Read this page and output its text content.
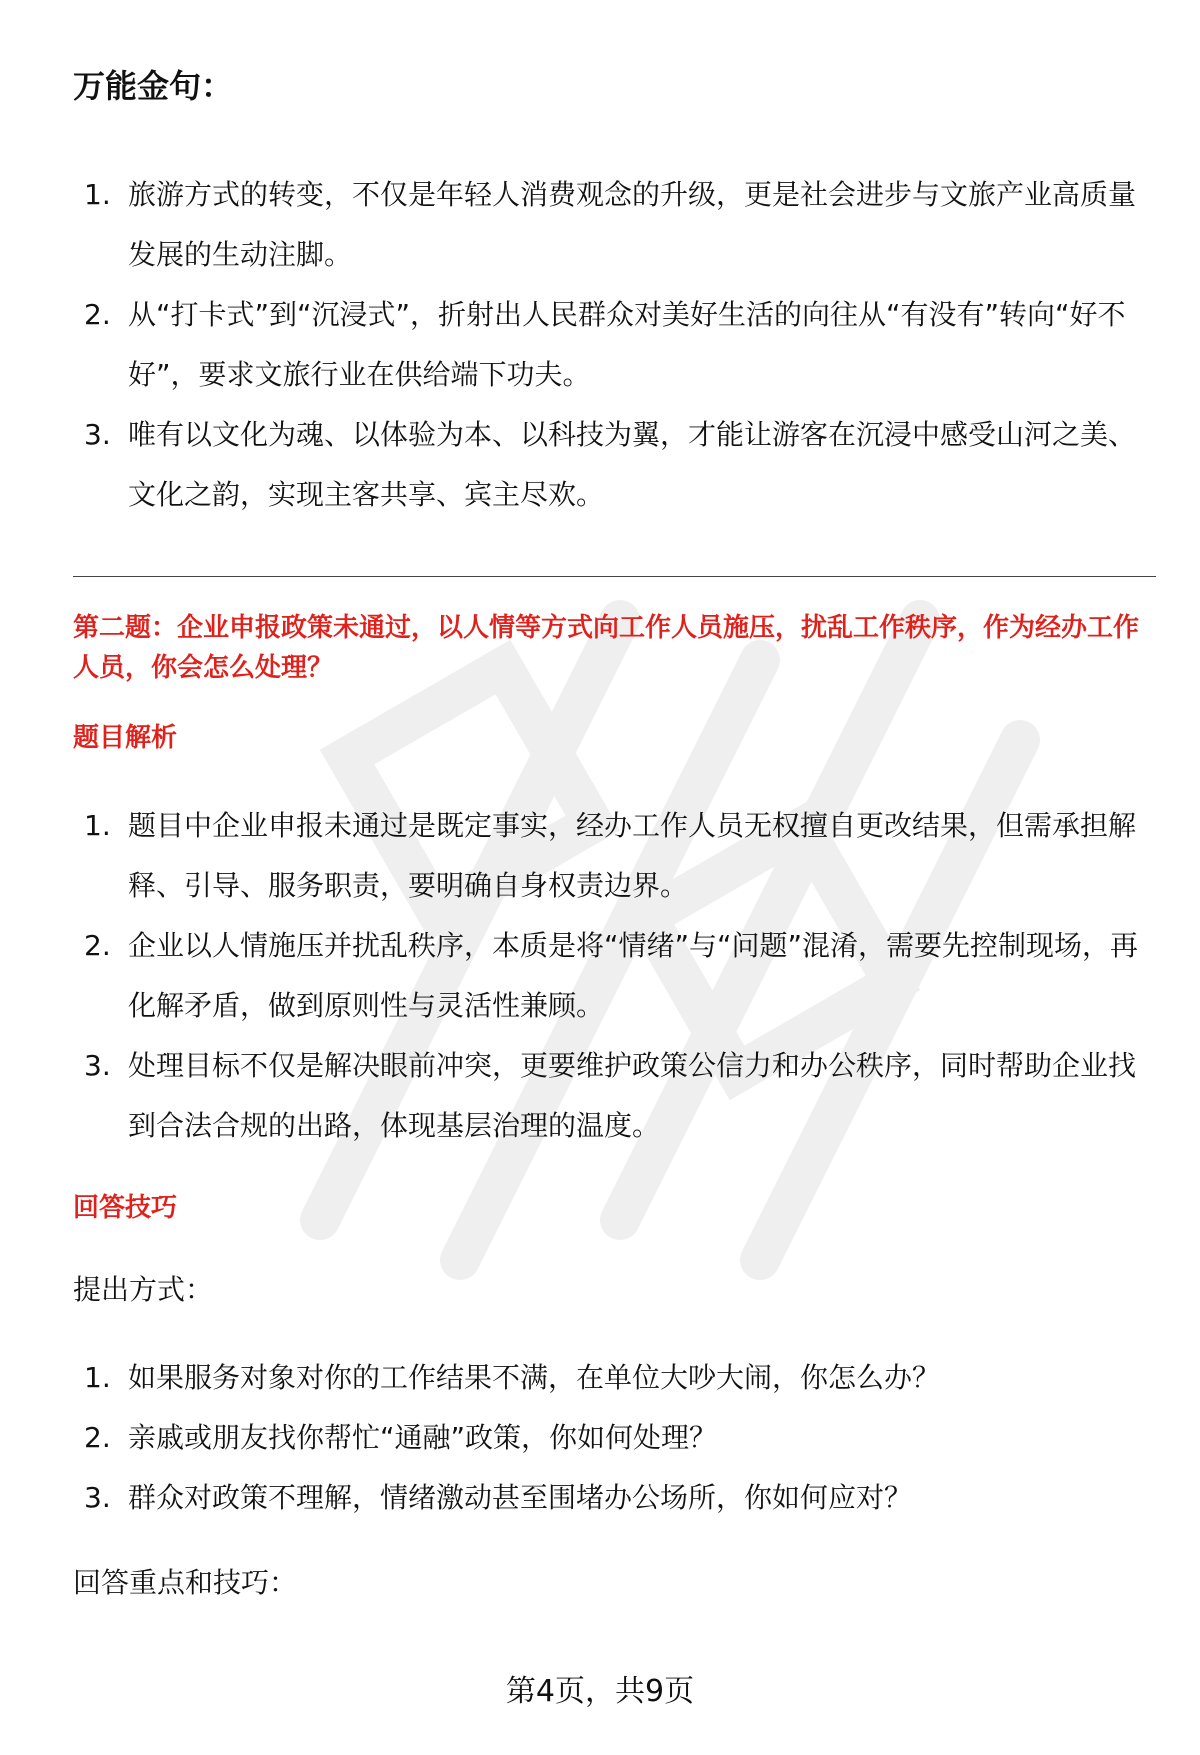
万能金句：
1. 旅游方式的转变，不仅是年轻人消费观念的升级，更是社会进步与文旅产业高质量发展的生动注脚。
2. 从“打卡式”到“沉浸式”，折射出人民群众对美好生活的向往从“有没有”转向“好不好”，要求文旅行业在供给端下功夫。
3. 唯有以文化为魂、以体验为本、以科技为翼，才能让游客在沉浸中感受山河之美、文化之韵，实现主客共享、宾主尽欢。
第二题：企业申报政策未通过，以人情等方式向工作人员施压，扰乱工作秩序，作为经办工作人员，你会怎么处理？
题目解析
1. 题目中企业申报未通过是既定事实，经办工作人员无权擅自更改结果，但需承担解释、引导、服务职责，要明确自身权责边界。
2. 企业以人情施压并扰乱秩序，本质是将“情绪”与“问题”混淆，需要先控制现场，再化解矛盾，做到原则性与灵活性兼顾。
3. 处理目标不仅是解决眼前冲突，更要维护政策公信力和办公秩序，同时帮助企业找到合法合规的出路，体现基层治理的温度。
回答技巧

提出方式：

1. 如果服务对象对你的工作结果不满，在单位大吵大闹，你怎么办？
2. 亲戚或朋友找你帮忙“通融”政策，你如何处理？
3. 群众对政策不理解，情绪激动甚至围堵办公场所，你如何应对？

回答重点和技巧：

第4页，共9页
